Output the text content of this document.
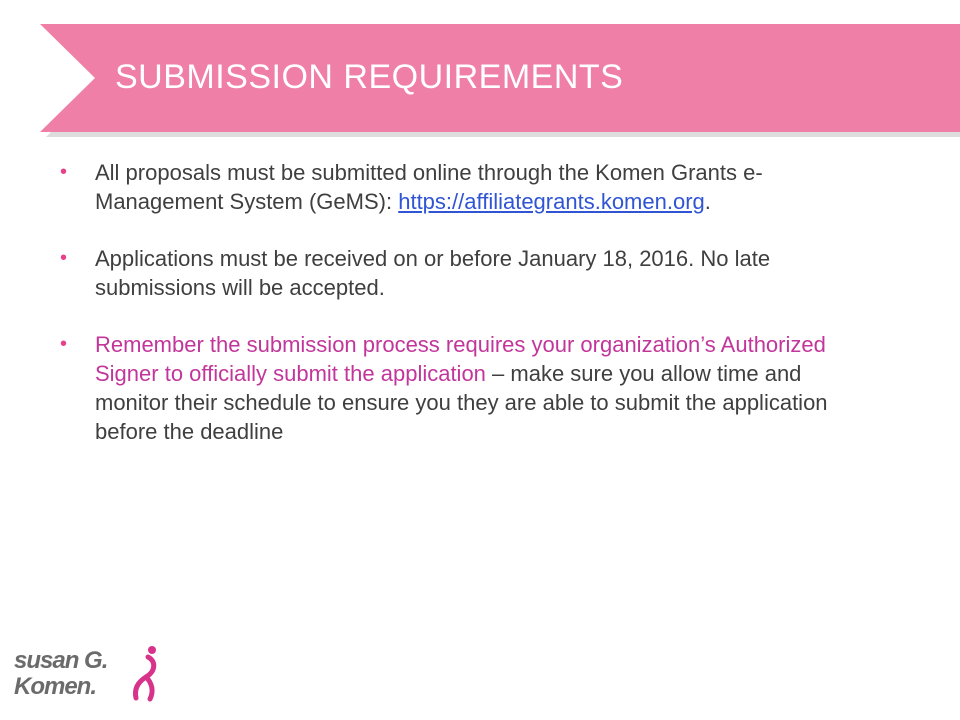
SUBMISSION REQUIREMENTS
• All proposals must be submitted online through the Komen Grants e-Management System (GeMS): https://affiliategrants.komen.org.
• Applications must be received on or before January 18, 2016. No late submissions will be accepted.
• Remember the submission process requires your organization’s Authorized Signer to officially submit the application – make sure you allow time and monitor their schedule to ensure you they are able to submit the application before the deadline
susan G.
Komen.
